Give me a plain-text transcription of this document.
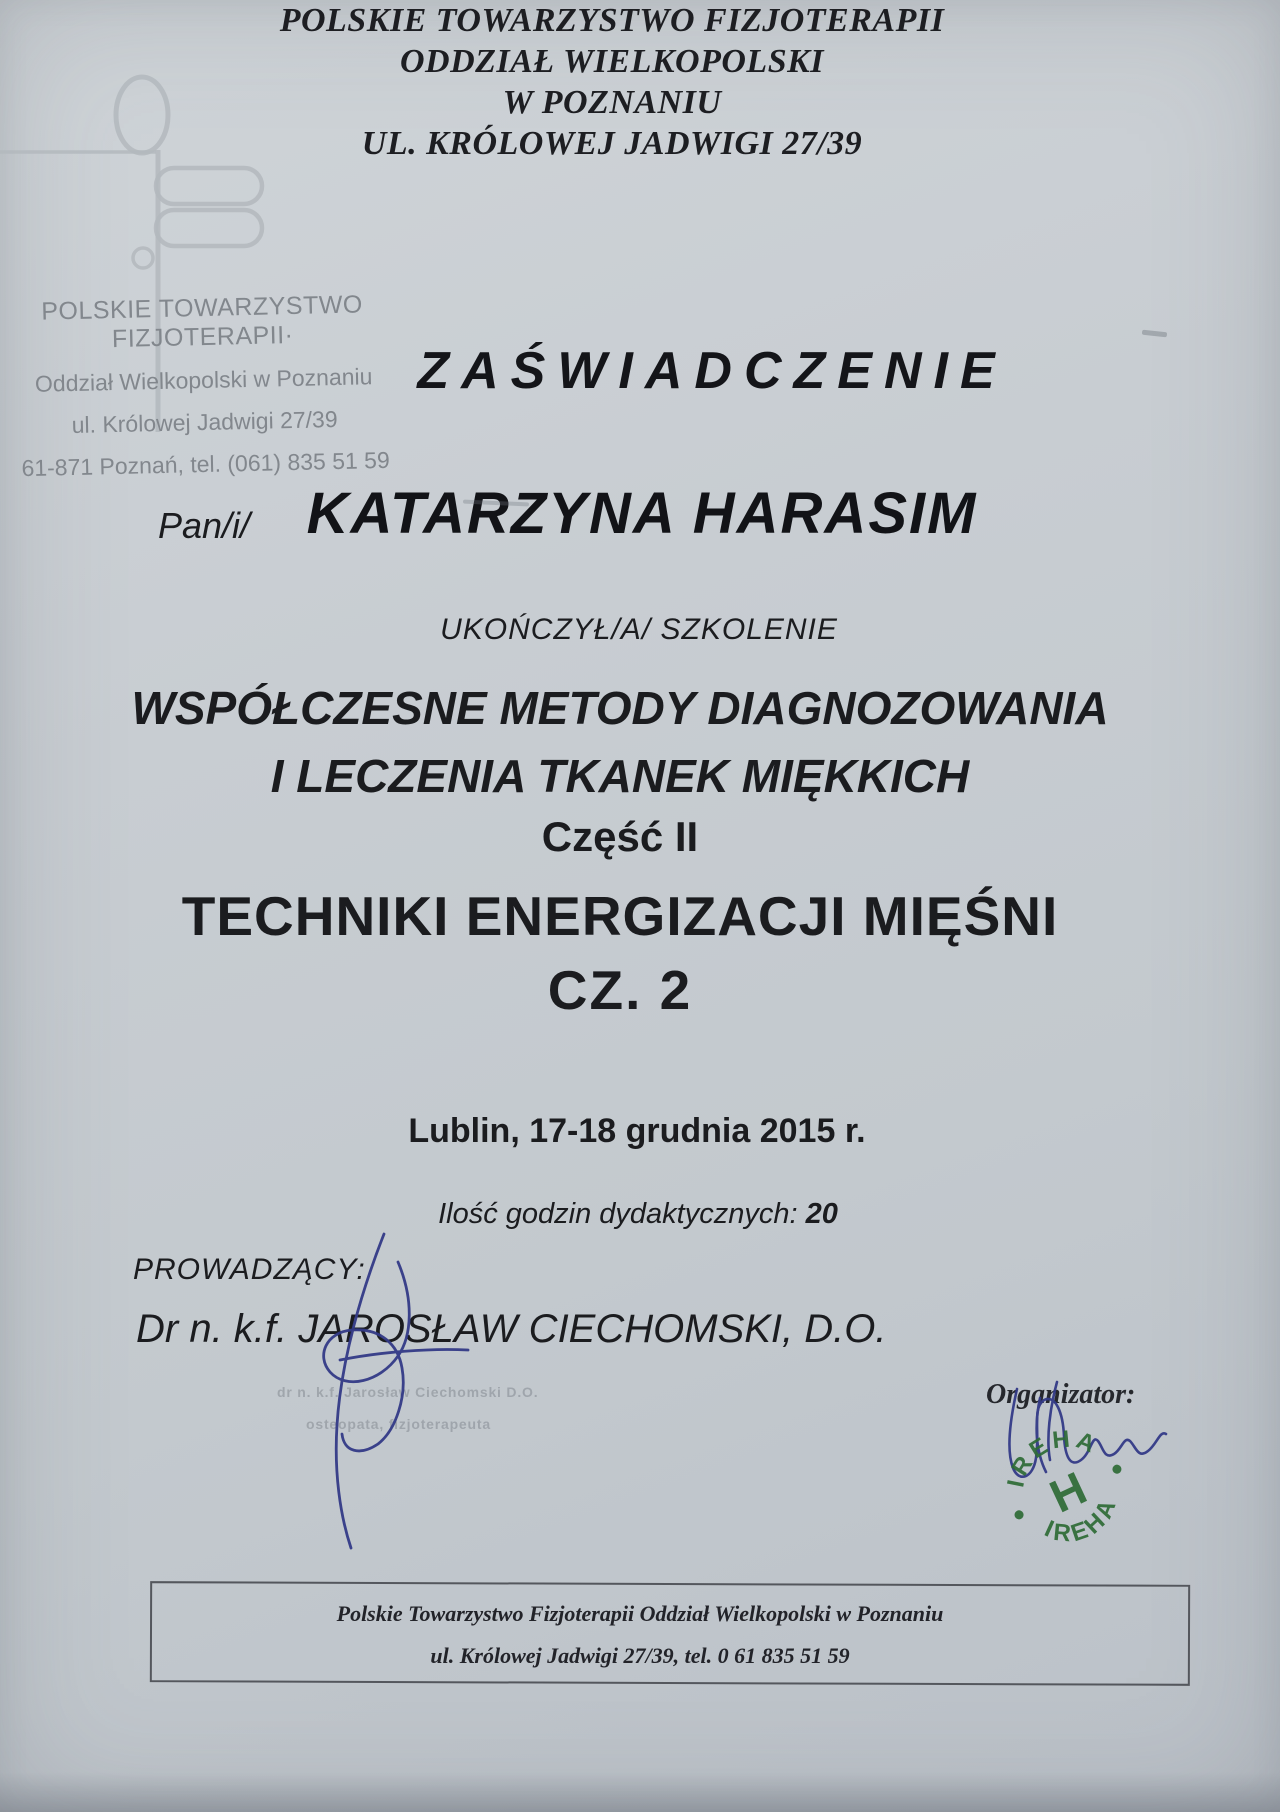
POLSKIE TOWARZYSTWO FIZJOTERAPII
ODDZIAŁ WIELKOPOLSKI
W POZNANIU
UL. KRÓLOWEJ JADWIGI 27/39
POLSKIE TOWARZYSTWO FIZJOTERAPII·
Oddział Wielkopolski w Poznaniu
ul. Królowej Jadwigi 27/39
61-871 Poznań, tel. (061) 835 51 59
ZAŚWIADCZENIE
Pan/i/ KATARZYNA HARASIM
UKOŃCZYŁ/A/ SZKOLENIE
WSPÓŁCZESNE METODY DIAGNOZOWANIA
I LECZENIA TKANEK MIĘKKICH
Część II
TECHNIKI ENERGIZACJI MIĘŚNI
CZ. 2
Lublin, 17-18 grudnia 2015 r.
Ilość godzin dydaktycznych: 20
PROWADZĄCY:
Dr n. k.f. JAROSŁAW CIECHOMSKI, D.O.
dr n. k.f. Jarosław Ciechomski D.O.
osteopata, fizjoterapeuta
Organizator:
IREHA
IREHA
H
Polskie Towarzystwo Fizjoterapii Oddział Wielkopolski w Poznaniu
ul. Królowej Jadwigi 27/39, tel. 0 61 835 51 59
